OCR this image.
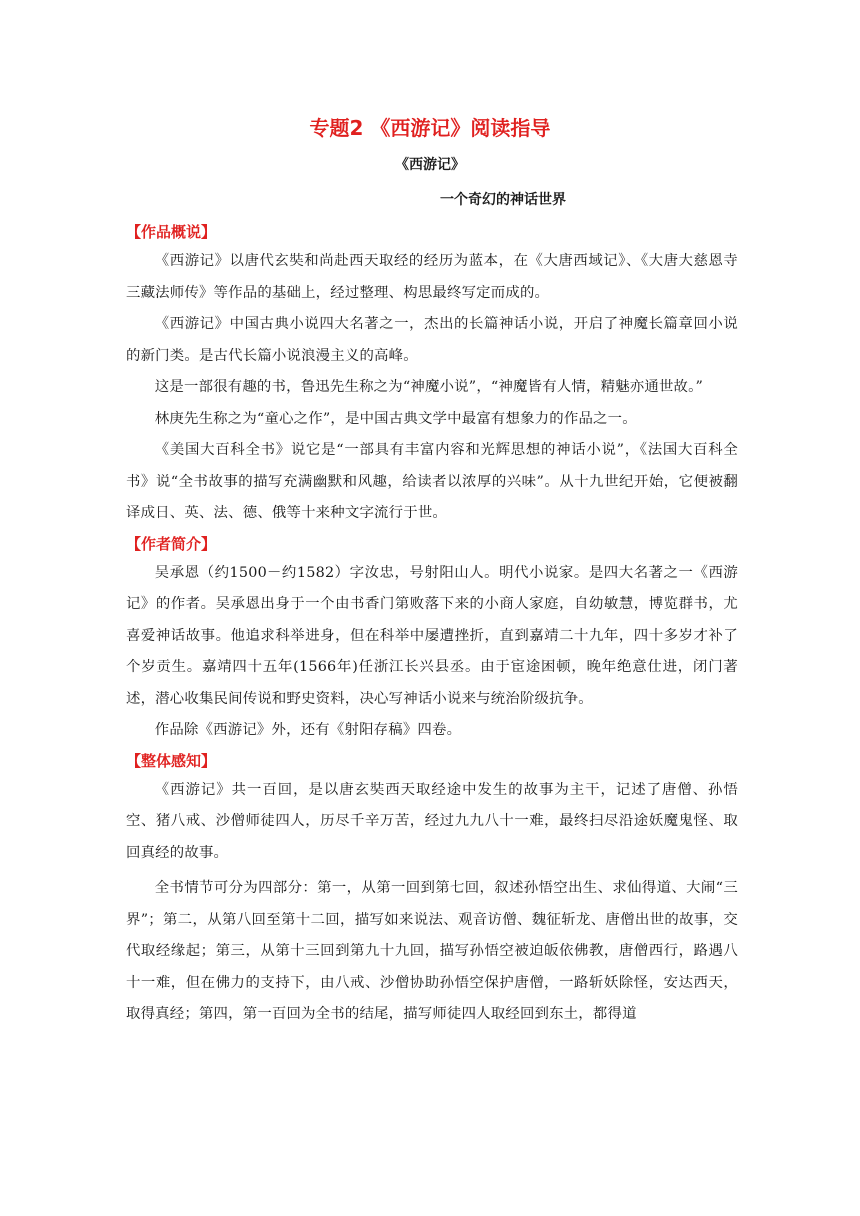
专题2 《西游记》阅读指导
《西游记》
一个奇幻的神话世界
【作品概说】

《西游记》以唐代玄奘和尚赴西天取经的经历为蓝本，在《大唐西域记》、《大唐大慈恩寺三藏法师传》等作品的基础上，经过整理、构思最终写定而成的。

《西游记》中国古典小说四大名著之一，杰出的长篇神话小说，开启了神魔长篇章回小说的新门类。是古代长篇小说浪漫主义的高峰。

这是一部很有趣的书，鲁迅先生称之为“神魔小说”，“神魔皆有人情，精魅亦通世故。”

林庚先生称之为“童心之作”，是中国古典文学中最富有想象力的作品之一。

《美国大百科全书》说它是“一部具有丰富内容和光辉思想的神话小说”，《法国大百科全书》说“全书故事的描写充满幽默和风趣，给读者以浓厚的兴味”。从十九世纪开始，它便被翻译成日、英、法、德、俄等十来种文字流行于世。

【作者简介】

吴承恩（约1500－约1582）字汝忠，号射阳山人。明代小说家。是四大名著之一《西游记》的作者。吴承恩出身于一个由书香门第败落下来的小商人家庭，自幼敏慧，博览群书，尤喜爱神话故事。他追求科举进身，但在科举中屡遭挫折，直到嘉靖二十九年，四十多岁才补了个岁贡生。嘉靖四十五年(1566年)任浙江长兴县丞。由于宦途困顿，晚年绝意仕进，闭门著述，潜心收集民间传说和野史资料，决心写神话小说来与统治阶级抗争。

作品除《西游记》外，还有《射阳存稿》四卷。

【整体感知】

《西游记》共一百回，是以唐玄奘西天取经途中发生的故事为主干，记述了唐僧、孙悟空、猪八戒、沙僧师徒四人，历尽千辛万苦，经过九九八十一难，最终扫尽沿途妖魔鬼怪、取回真经的故事。

全书情节可分为四部分：第一，从第一回到第七回，叙述孙悟空出生、求仙得道、大闹“三界”；第二，从第八回至第十二回，描写如来说法、观音访僧、魏征斩龙、唐僧出世的故事，交代取经缘起；第三，从第十三回到第九十九回，描写孙悟空被迫皈依佛教，唐僧西行，路遇八十一难，但在佛力的支持下，由八戒、沙僧协助孙悟空保护唐僧，一路斩妖除怪，安达西天，取得真经；第四，第一百回为全书的结尾，描写师徒四人取经回到东土，都得道
